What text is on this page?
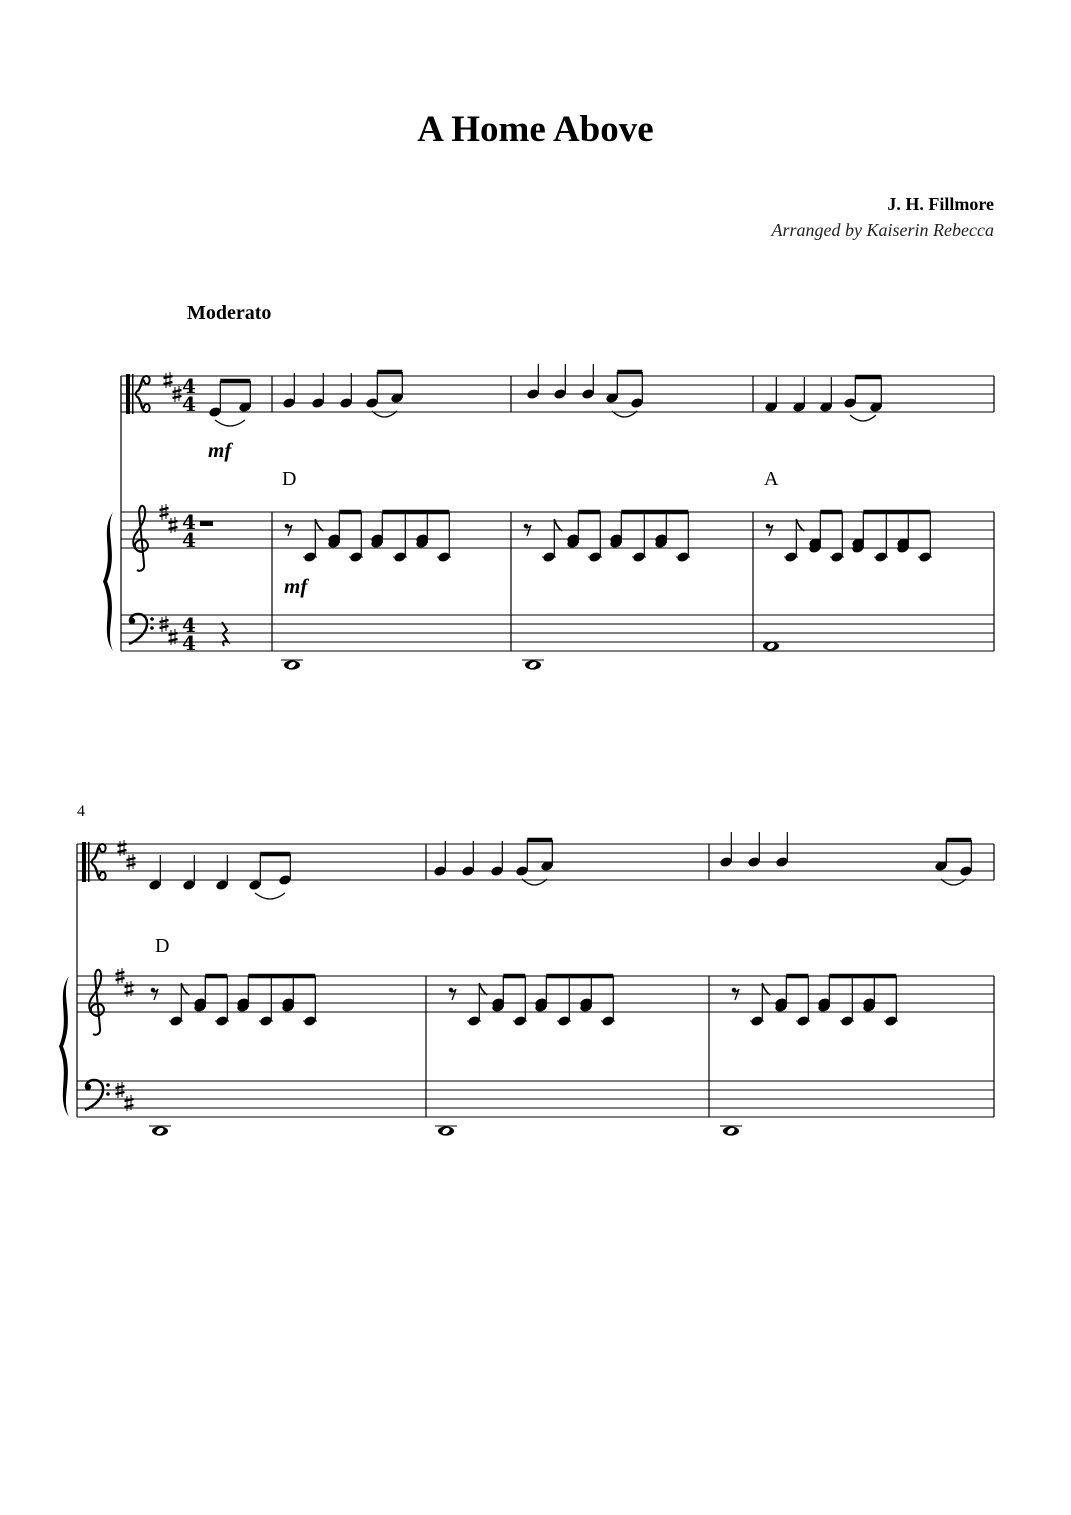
A Home Above
J. H. Fillmore
Arranged by Kaiserin Rebecca
Moderato
mf
D	A
mf
4
D
4
4
4
4
4
4
